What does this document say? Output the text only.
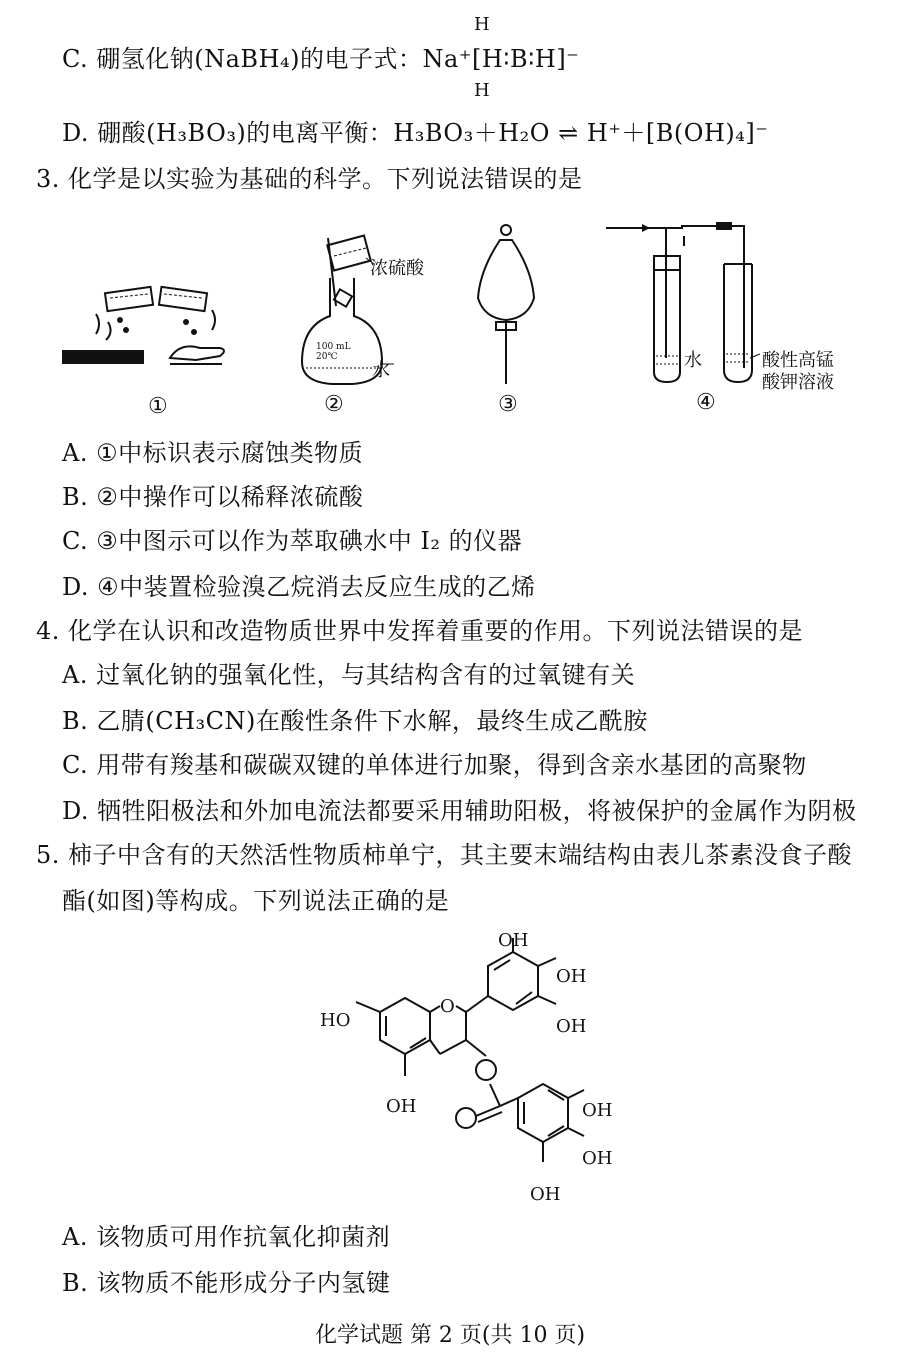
H
C. 硼氢化钠(NaBH₄)的电子式：Na⁺[H∶B∶H]⁻
H
D. 硼酸(H₃BO₃)的电离平衡：H₃BO₃＋H₂O ⇌ H⁺＋[B(OH)₄]⁻
3. 化学是以实验为基础的科学。下列说法错误的是
浓硫酸
水
100 mL
20℃	水	酸性高锰
酸钾溶液
①	②	③	④
A. ①中标识表示腐蚀类物质
B. ②中操作可以稀释浓硫酸
C. ③中图示可以作为萃取碘水中 I₂ 的仪器
D. ④中装置检验溴乙烷消去反应生成的乙烯
4. 化学在认识和改造物质世界中发挥着重要的作用。下列说法错误的是
A. 过氧化钠的强氧化性，与其结构含有的过氧键有关
B. 乙腈(CH₃CN)在酸性条件下水解，最终生成乙酰胺
C. 用带有羧基和碳碳双键的单体进行加聚，得到含亲水基团的高聚物
D. 牺牲阳极法和外加电流法都要采用辅助阳极，将被保护的金属作为阴极
5. 柿子中含有的天然活性物质柿单宁，其主要末端结构由表儿茶素没食子酸
酯(如图)等构成。下列说法正确的是
OH
OH
OH
HO
O
OH	OH
OH
OH
A. 该物质可用作抗氧化抑菌剂
B. 该物质不能形成分子内氢键
化学试题 第 2 页(共 10 页)
